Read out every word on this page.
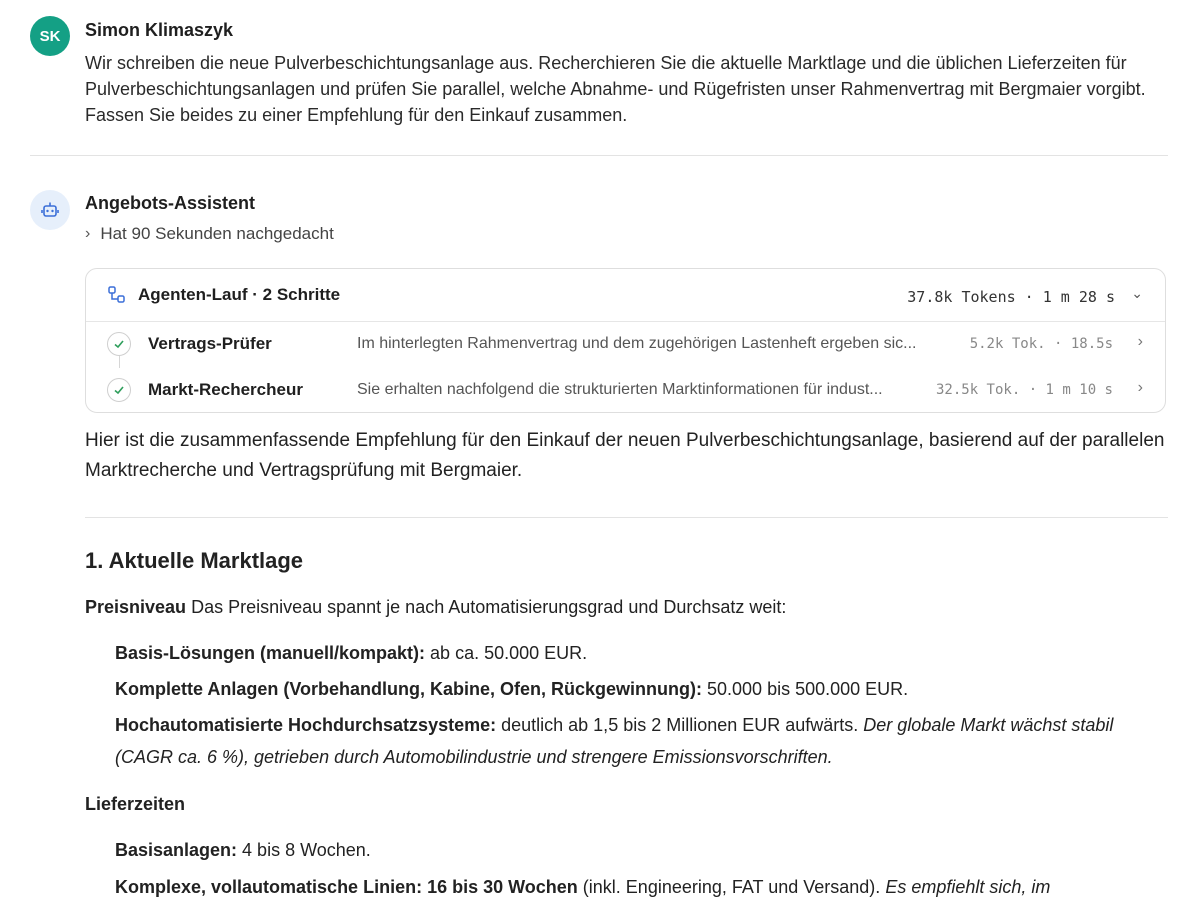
SK	Simon Klimaszyk
Wir schreiben die neue Pulverbeschichtungsanlage aus. Recherchieren Sie die aktuelle Marktlage und die üblichen Lieferzeiten für Pulverbeschichtungsanlagen und prüfen Sie parallel, welche Abnahme- und Rügefristen unser Rahmenvertrag mit Bergmaier vorgibt. Fassen Sie beides zu einer Empfehlung für den Einkauf zusammen.
Angebots-Assistent
› Hat 90 Sekunden nachgedacht
Agenten-Lauf · 2 Schritte	37.8k Tokens · 1 m 28 s ⌄
Vertrags-Prüfer	Im hinterlegten Rahmenvertrag und dem zugehörigen Lastenheft ergeben sic...	5.2k Tok. · 18.5s ›
Markt-Rechercheur	Sie erhalten nachfolgend die strukturierten Marktinformationen für indust...	32.5k Tok. · 1 m 10 s ›
Hier ist die zusammenfassende Empfehlung für den Einkauf der neuen Pulverbeschichtungsanlage, basierend auf der parallelen Marktrecherche und Vertragsprüfung mit Bergmaier.
1. Aktuelle Marktlage
Preisniveau Das Preisniveau spannt je nach Automatisierungsgrad und Durchsatz weit:
Basis-Lösungen (manuell/kompakt): ab ca. 50.000 EUR.
Komplette Anlagen (Vorbehandlung, Kabine, Ofen, Rückgewinnung): 50.000 bis 500.000 EUR.
Hochautomatisierte Hochdurchsatzsysteme: deutlich ab 1,5 bis 2 Millionen EUR aufwärts. Der globale Markt wächst stabil (CAGR ca. 6 %), getrieben durch Automobilindustrie und strengere Emissionsvorschriften.
Lieferzeiten
Basisanlagen: 4 bis 8 Wochen.
Komplexe, vollautomatische Linien: 16 bis 30 Wochen (inkl. Engineering, FAT und Versand). Es empfiehlt sich, im
